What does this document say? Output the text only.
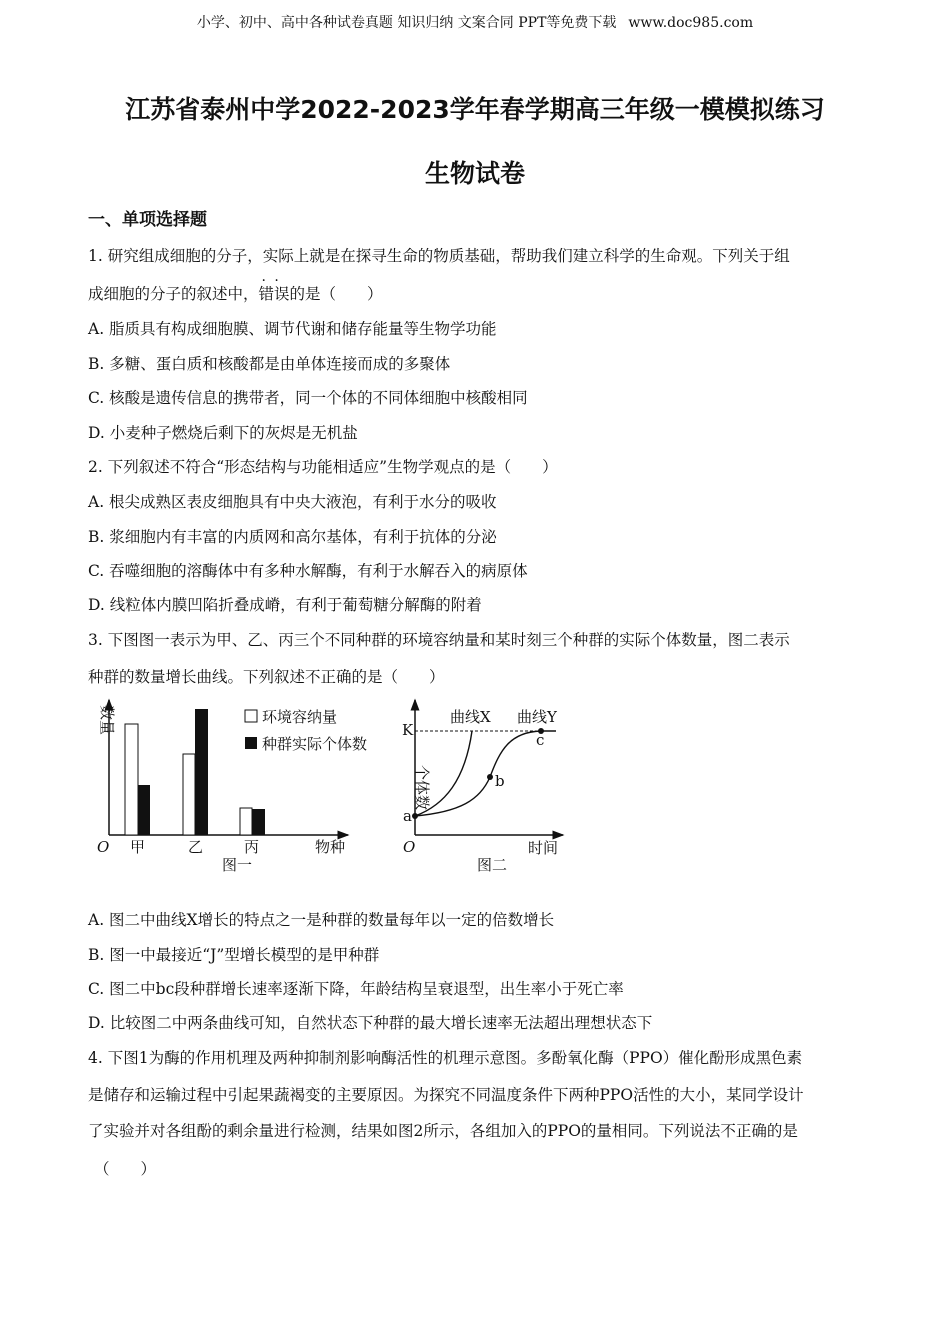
小学、初中、高中各种试卷真题 知识归纳 文案合同 PPT等免费下载 www.doc985.com
江苏省泰州中学2022-2023学年春学期高三年级一模模拟练习
生物试卷
一、单项选择题
1. 研究组成细胞的分子，实际上就是在探寻生命的物质基础，帮助我们建立科学的生命观。下列关于组
成细胞的分子的叙述中，· · 错误的是（　　）
A. 脂质具有构成细胞膜、调节代谢和储存能量等生物学功能
B. 多糖、蛋白质和核酸都是由单体连接而成的多聚体
C. 核酸是遗传信息的携带者，同一个体的不同体细胞中核酸相同
D. 小麦种子燃烧后剩下的灰烬是无机盐
2. 下列叙述不符合“形态结构与功能相适应”生物学观点的是（　　）
A. 根尖成熟区表皮细胞具有中央大液泡，有利于水分的吸收
B. 浆细胞内有丰富的内质网和高尔基体，有利于抗体的分泌
C. 吞噬细胞的溶酶体中有多种水解酶，有利于水解吞入的病原体
D. 线粒体内膜凹陷折叠成嵴，有利于葡萄糖分解酶的附着
3. 下图图一表示为甲、乙、丙三个不同种群的环境容纳量和某时刻三个种群的实际个体数量，图二表示
种群的数量增长曲线。下列叙述不正确的是（　　）
环境容纳量
种群实际个体数
数量
O 甲	乙	丙	物种
图一
K
a
b
c
曲线X 曲线Y
个体数
O	时间
图二
A. 图二中曲线X增长的特点之一是种群的数量每年以一定的倍数增长
B. 图一中最接近“J”型增长模型的是甲种群
C. 图二中bc段种群增长速率逐渐下降，年龄结构呈衰退型，出生率小于死亡率
D. 比较图二中两条曲线可知，自然状态下种群的最大增长速率无法超出理想状态下
4. 下图1为酶的作用机理及两种抑制剂影响酶活性的机理示意图。多酚氧化酶（PPO）催化酚形成黑色素
是储存和运输过程中引起果蔬褐变的主要原因。为探究不同温度条件下两种PPO活性的大小，某同学设计
了实验并对各组酚的剩余量进行检测，结果如图2所示，各组加入的PPO的量相同。下列说法不正确的是
（　　）
